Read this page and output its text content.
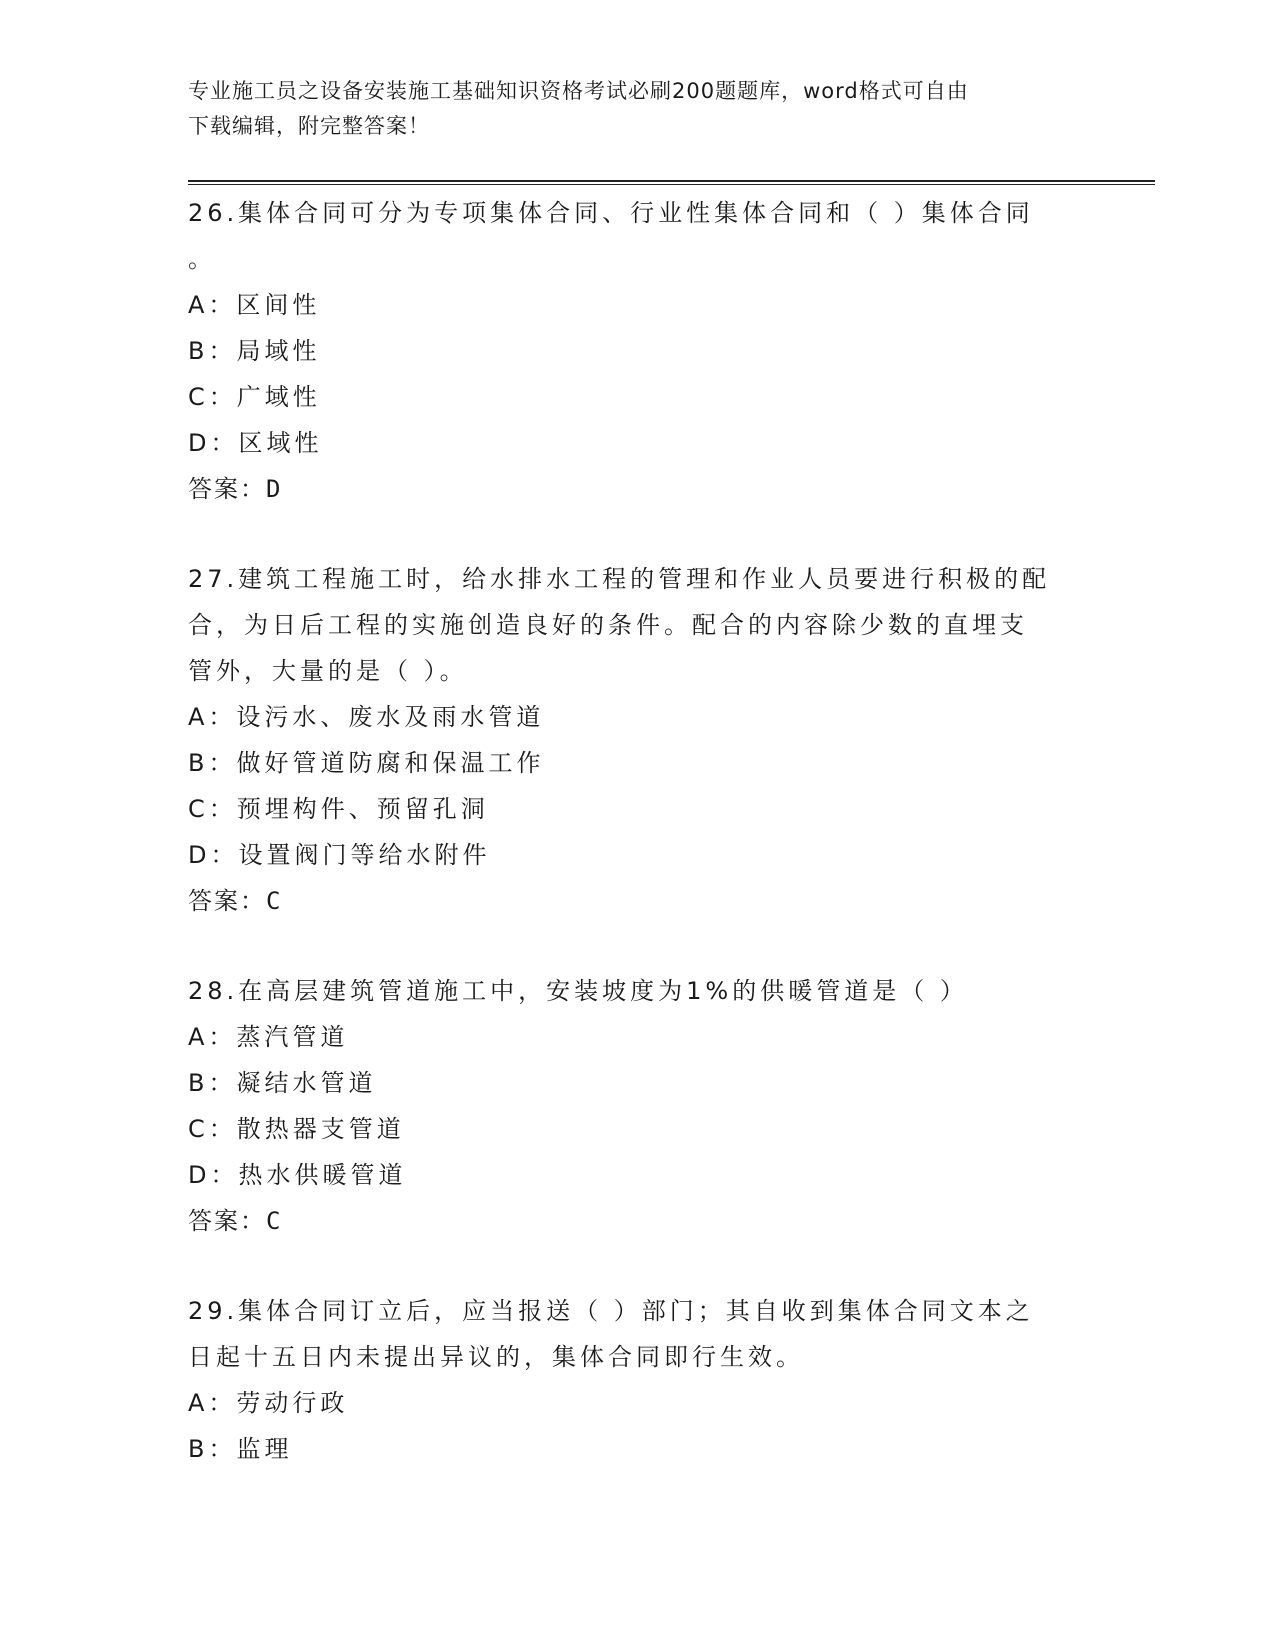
专业施工员之设备安装施工基础知识资格考试必刷200题题库，word格式可自由
下载编辑，附完整答案！

26.集体合同可分为专项集体合同、行业性集体合同和（ ）集体合同

。

A：区间性

B：局域性

C：广域性

D：区域性

答案：D

27.建筑工程施工时，给水排水工程的管理和作业人员要进行积极的配

合，为日后工程的实施创造良好的条件。配合的内容除少数的直埋支

管外，大量的是（ ）。

A：设污水、废水及雨水管道

B：做好管道防腐和保温工作

C：预埋构件、预留孔洞

D：设置阀门等给水附件

答案：C

28.在高层建筑管道施工中，安装坡度为1%的供暖管道是（ ）

A：蒸汽管道

B：凝结水管道

C：散热器支管道

D：热水供暖管道

答案：C

29.集体合同订立后，应当报送（ ）部门；其自收到集体合同文本之

日起十五日内未提出异议的，集体合同即行生效。

A：劳动行政

B：监理
